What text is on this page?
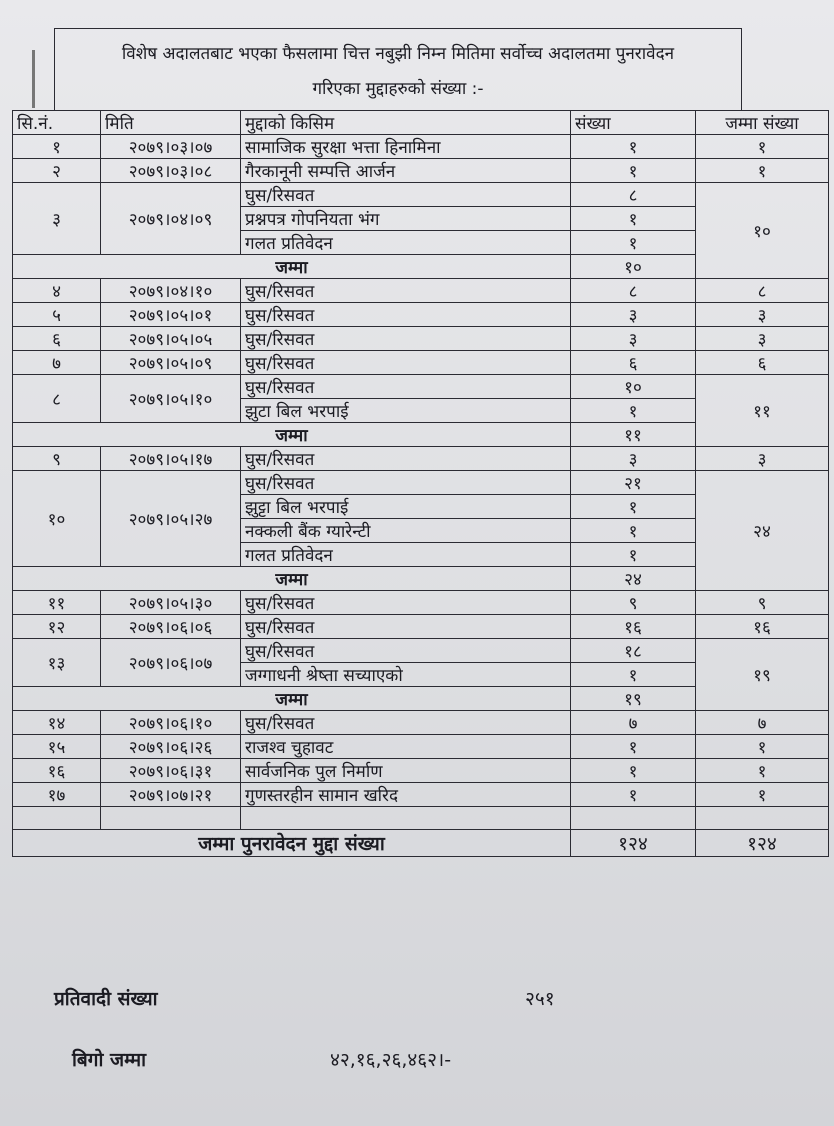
विशेष अदालतबाट भएका फैसलामा चित्त नबुझी निम्न मितिमा सर्वोच्च अदालतमा पुनरावेदन
गरिएका मुद्दाहरुको संख्या :-
सि.नं.	मिति	मुद्दाको किसिम	संख्या	जम्मा संख्या
१	२०७९।०३।०७	सामाजिक सुरक्षा भत्ता हिनामिना	१	१
२	२०७९।०३।०८	गैरकानूनी सम्पत्ति आर्जन	१	१
३	२०७९।०४।०९	घुस/रिसवत	८	१०
		प्रश्नपत्र गोपनियता भंग	१	
		गलत प्रतिवेदन	१	
जम्मा			१०	
४	२०७९।०४।१०	घुस/रिसवत	८	८
५	२०७९।०५।०१	घुस/रिसवत	३	३
६	२०७९।०५।०५	घुस/रिसवत	३	३
७	२०७९।०५।०९	घुस/रिसवत	६	६
८	२०७९।०५।१०	घुस/रिसवत	१०	११
		झुटा बिल भरपाई	१	
जम्मा			११	
९	२०७९।०५।१७	घुस/रिसवत	३	३
१०	२०७९।०५।२७	घुस/रिसवत	२१	२४
		झुट्टा बिल भरपाई	१	
		नक्कली बैंक ग्यारेन्टी	१	
		गलत प्रतिवेदन	१	
जम्मा			२४	
११	२०७९।०५।३०	घुस/रिसवत	९	९
१२	२०७९।०६।०६	घुस/रिसवत	१६	१६
१३	२०७९।०६।०७	घुस/रिसवत	१८	१९
		जग्गाधनी श्रेष्ता सच्याएको	१	
जम्मा			१९	
१४	२०७९।०६।१०	घुस/रिसवत	७	७
१५	२०७९।०६।२६	राजश्व चुहावट	१	१
१६	२०७९।०६।३१	सार्वजनिक पुल निर्माण	१	१
१७	२०७९।०७।२१	गुणस्तरहीन सामान खरिद	१	१

जम्मा पुनरावेदन मुद्दा संख्या			१२४	१२४
प्रतिवादी संख्या	२५१
बिगो जम्मा	४२,१६,२६,४६२।-
